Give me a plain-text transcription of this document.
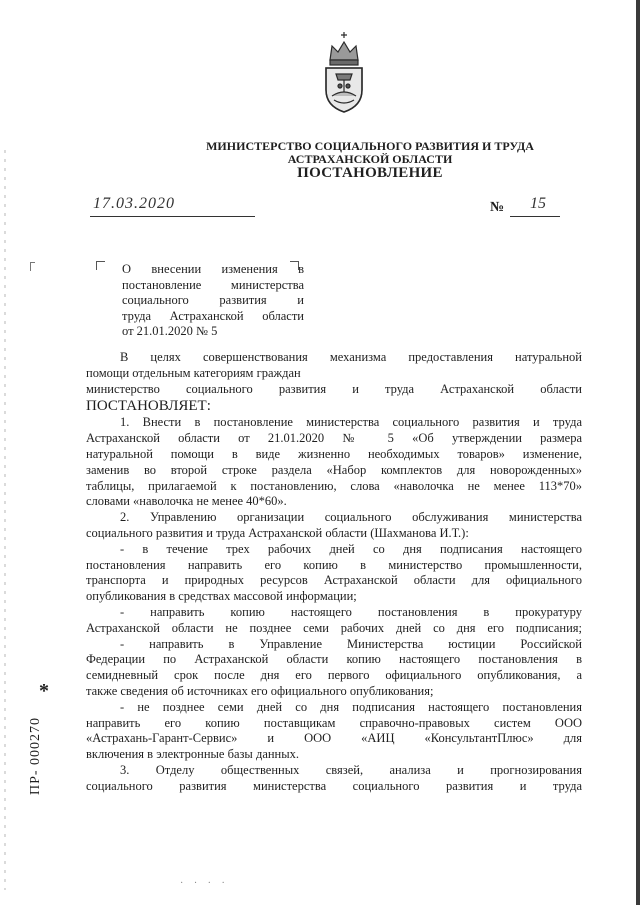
МИНИСТЕРСТВО СОЦИАЛЬНОГО РАЗВИТИЯ И ТРУДА
АСТРАХАНСКОЙ ОБЛАСТИ
ПОСТАНОВЛЕНИЕ
17.03.2020	№ 15
О внесении изменения в
постановление министерства
социального развития и
труда Астраханской области
от 21.01.2020 № 5
В целях совершенствования механизма предоставления натуральной
помощи отдельным категориям граждан
министерство социального развития и труда Астраханской области
ПОСТАНОВЛЯЕТ:
1. Внести в постановление министерства социального развития и труда
Астраханской области от 21.01.2020 № 5 «Об утверждении размера
натуральной помощи в виде жизненно необходимых товаров» изменение,
заменив во второй строке раздела «Набор комплектов для новорожденных»
таблицы, прилагаемой к постановлению, слова «наволочка не менее 113*70»
словами «наволочка не менее 40*60».
2. Управлению организации социального обслуживания министерства
социального развития и труда Астраханской области (Шахманова И.Т.):
- в течение трех рабочих дней со дня подписания настоящего
постановления направить его копию в министерство промышленности,
транспорта и природных ресурсов Астраханской области для официального
опубликования в средствах массовой информации;
- направить копию настоящего постановления в прокуратуру
Астраханской области не позднее семи рабочих дней со дня его подписания;
- направить в Управление Министерства юстиции Российской
Федерации по Астраханской области копию настоящего постановления в
семидневный срок после дня его первого официального опубликования, а
также сведения об источниках его официального опубликования;
- не позднее семи дней со дня подписания настоящего постановления
направить его копию поставщикам справочно-правовых систем ООО
«Астрахань-Гарант-Сервис» и ООО «АИЦ «КонсультантПлюс» для
включения в электронные базы данных.
3. Отделу общественных связей, анализа и прогнозирования
социального развития министерства социального развития и труда
*
ПР- 000270
· · · ·
